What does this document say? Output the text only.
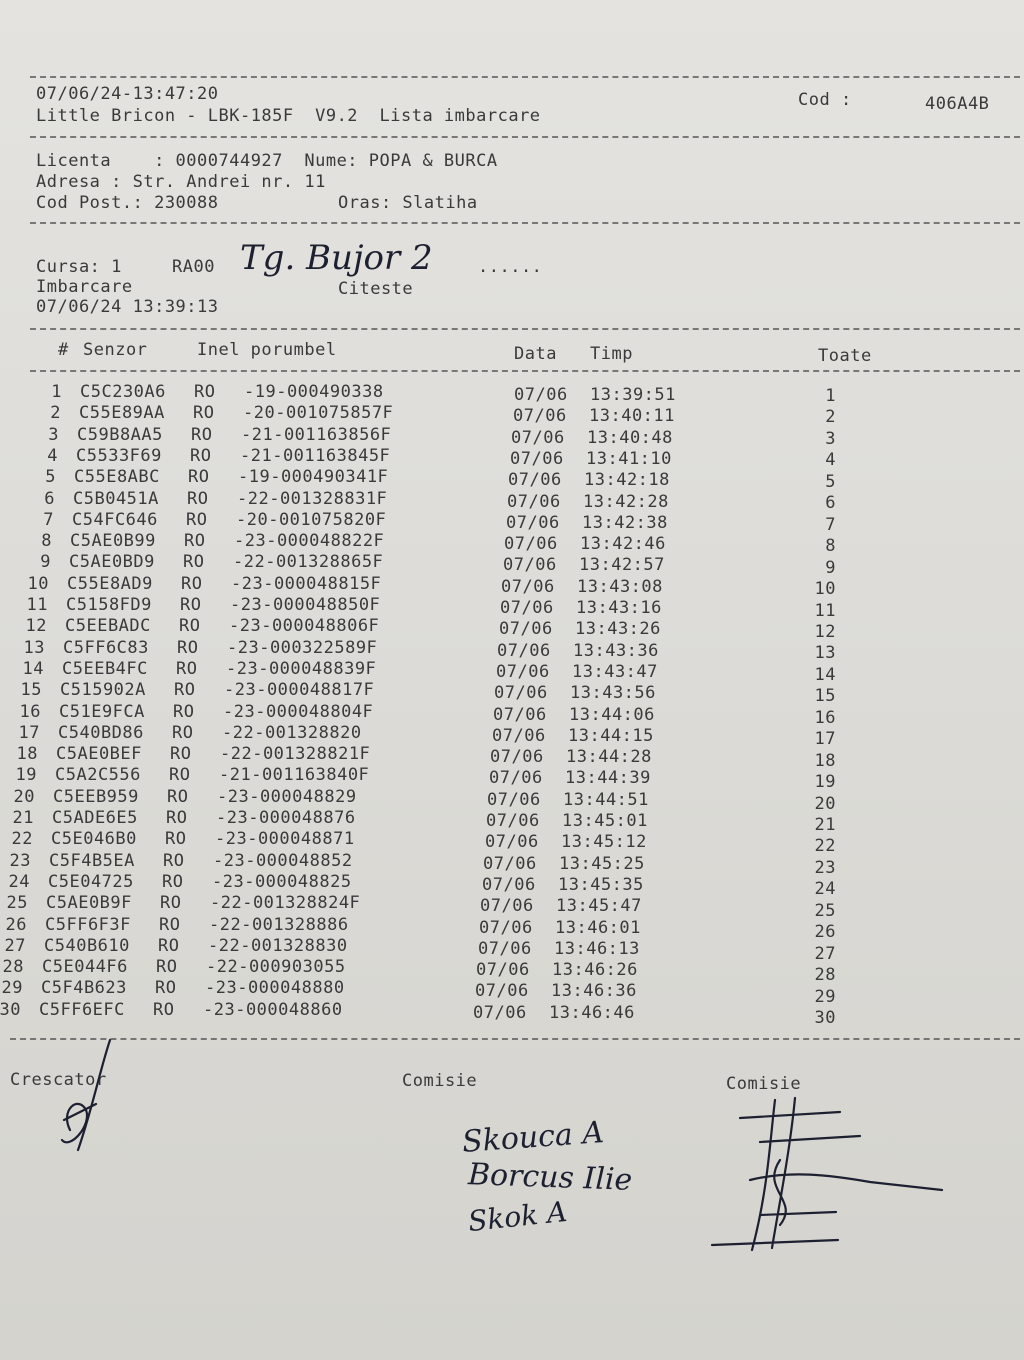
07/06/24-13:47:20
Little Bricon - LBK-185F  V9.2  Lista imbarcare
Cod :	406A4B
Licenta    : 0000744927  Nume: POPA & BURCA
Adresa : Str. Andrei nr. 11
Cod Post.: 230088	Oras: Slatiha
Cursa: 1	RA00 Tg. Bujor 2	......
Imbarcare	Citeste
07/06/24 13:39:13
# Senzor	Inel porumbel	Data Timp	Toate
1 C5C230A6 RO -19-000490338	07/06 13:39:51	1
2 C55E89AA RO -20-001075857F	07/06 13:40:11	2
3 C59B8AA5 RO -21-001163856F	07/06 13:40:48	3
4 C5533F69 RO -21-001163845F	07/06 13:41:10	4
5 C55E8ABC RO -19-000490341F	07/06 13:42:18	5
6 C5B0451A RO -22-001328831F	07/06 13:42:28	6
7 C54FC646 RO -20-001075820F	07/06 13:42:38	7
8 C5AE0B99 RO -23-000048822F	07/06 13:42:46	8
9 C5AE0BD9 RO -22-001328865F	07/06 13:42:57	9
10 C55E8AD9 RO -23-000048815F	07/06 13:43:08	10
11 C5158FD9 RO -23-000048850F	07/06 13:43:16	11
12 C5EEBADC RO -23-000048806F	07/06 13:43:26	12
13 C5FF6C83 RO -23-000322589F	07/06 13:43:36	13
14 C5EEB4FC RO -23-000048839F	07/06 13:43:47	14
15 C515902A RO -23-000048817F	07/06 13:43:56	15
16 C51E9FCA RO -23-000048804F	07/06 13:44:06	16
17 C540BD86 RO -22-001328820	07/06 13:44:15	17
18 C5AE0BEF RO -22-001328821F	07/06 13:44:28	18
19 C5A2C556 RO -21-001163840F	07/06 13:44:39	19
20 C5EEB959 RO -23-000048829	07/06 13:44:51	20
21 C5ADE6E5 RO -23-000048876	07/06 13:45:01	21
22 C5E046B0 RO -23-000048871	07/06 13:45:12	22
23 C5F4B5EA RO -23-000048852	07/06 13:45:25	23
24 C5E04725 RO -23-000048825	07/06 13:45:35	24
25 C5AE0B9F RO -22-001328824F	07/06 13:45:47	25
26 C5FF6F3F RO -22-001328886	07/06 13:46:01	26
27 C540B610 RO -22-001328830	07/06 13:46:13	27
28 C5E044F6 RO -22-000903055	07/06 13:46:26	28
29 C5F4B623 RO -23-000048880	07/06 13:46:36	29
30 C5FF6EFC RO -23-000048860	07/06 13:46:46	30
Crescator	Comisie	Comisie
Skouca A
Borcus Ilie
Skok A
